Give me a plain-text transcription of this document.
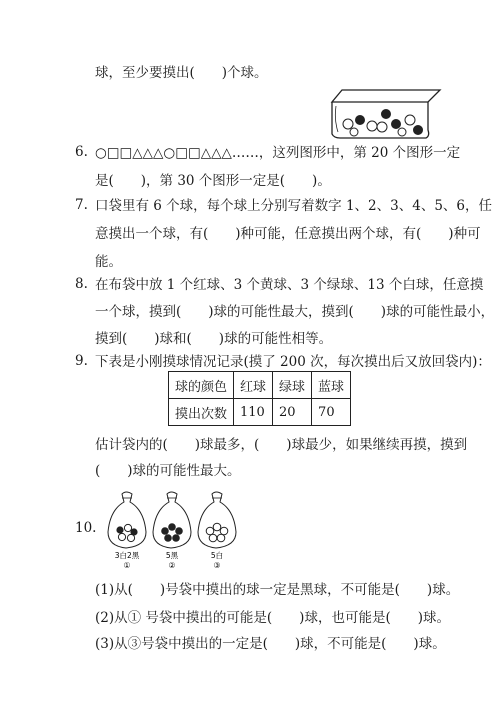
球，至少要摸出(　　)个球。
6. ○□□△△△○□□△△△……，这列图形中，第 20 个图形一定
是(　　)，第 30 个图形一定是(　　)。
7. 口袋里有 6 个球，每个球上分别写着数字 1、2、3、4、5、6，任
意摸出一个球，有(　　)种可能，任意摸出两个球，有(　　)种可
能。
8. 在布袋中放 1 个红球、3 个黄球、3 个绿球、13 个白球，任意摸
一个球，摸到(　　)球的可能性最大，摸到(　　)球的可能性最小，
摸到(　　)球和(　　)球的可能性相等。
9. 下表是小刚摸球情况记录(摸了 200 次，每次摸出后又放回袋内)：
球的颜色	红球	绿球	蓝球
摸出次数	110	20	70
估计袋内的(　　)球最多，(　　)球最少，如果继续再摸，摸到
(　　)球的可能性最大。
10.
3白2黑
①
5黑
②
5白
③
(1)从(　　)号袋中摸出的球一定是黑球，不可能是(　　)球。
(2)从① 号袋中摸出的可能是(　　)球，也可能是(　　)球。
(3)从③号袋中摸出的一定是(　　)球，不可能是(　　)球。
